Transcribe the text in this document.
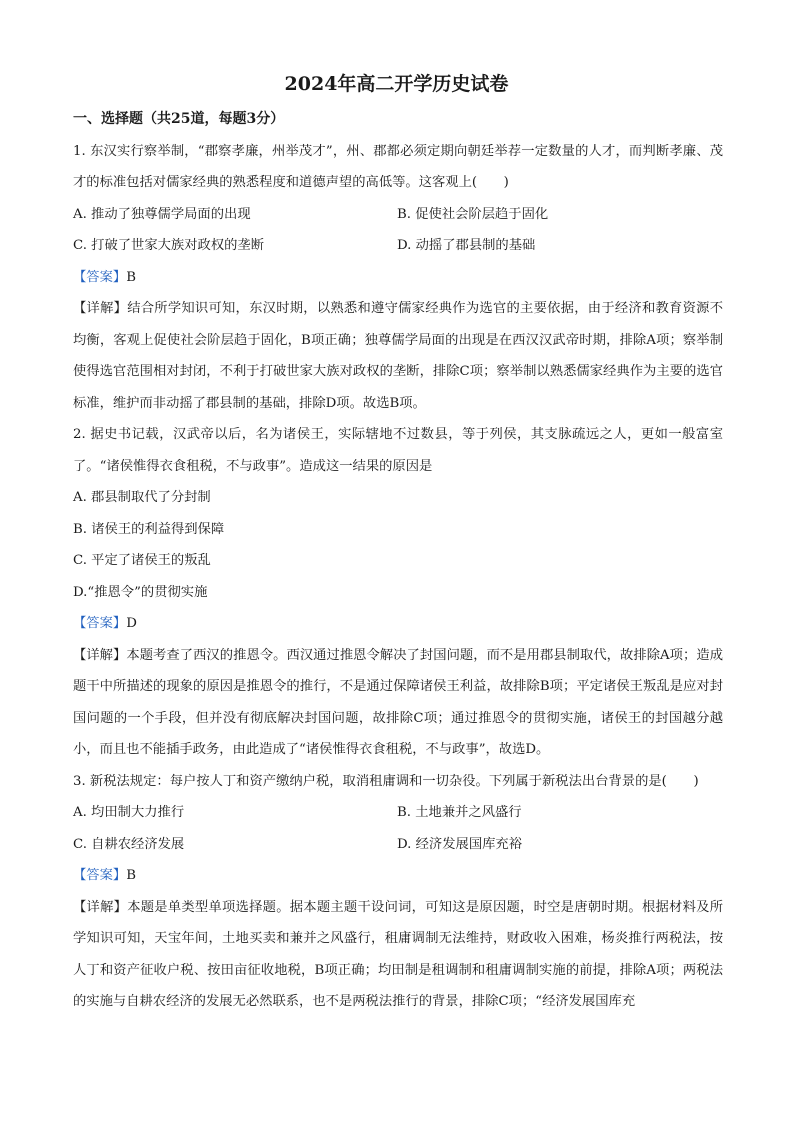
2024年高二开学历史试卷
一、选择题（共25道，每题3分）

1. 东汉实行察举制，“郡察孝廉，州举茂才”，州、郡都必须定期向朝廷举荐一定数量的人才，而判断孝廉、茂才的标准包括对儒家经典的熟悉程度和道德声望的高低等。这客观上(　　)

A. 推动了独尊儒学局面的出现	B. 促使社会阶层趋于固化
C. 打破了世家大族对政权的垄断	D. 动摇了郡县制的基础
【答案】B

【详解】结合所学知识可知，东汉时期，以熟悉和遵守儒家经典作为选官的主要依据，由于经济和教育资源不均衡，客观上促使社会阶层趋于固化，B项正确；独尊儒学局面的出现是在西汉汉武帝时期，排除A项；察举制使得选官范围相对封闭，不利于打破世家大族对政权的垄断，排除C项；察举制以熟悉儒家经典作为主要的选官标准，维护而非动摇了郡县制的基础，排除D项。故选B项。

2. 据史书记载，汉武帝以后，名为诸侯王，实际辖地不过数县，等于列侯，其支脉疏远之人，更如一般富室了。“诸侯惟得衣食租税，不与政事”。造成这一结果的原因是

A. 郡县制取代了分封制
B. 诸侯王的利益得到保障
C. 平定了诸侯王的叛乱
D.“推恩令”的贯彻实施
【答案】D

【详解】本题考查了西汉的推恩令。西汉通过推恩令解决了封国问题，而不是用郡县制取代，故排除A项；造成题干中所描述的现象的原因是推恩令的推行，不是通过保障诸侯王利益，故排除B项；平定诸侯王叛乱是应对封国问题的一个手段，但并没有彻底解决封国问题，故排除C项；通过推恩令的贯彻实施，诸侯王的封国越分越小，而且也不能插手政务，由此造成了“诸侯惟得衣食租税，不与政事”，故选D。

3. 新税法规定：每户按人丁和资产缴纳户税，取消租庸调和一切杂役。下列属于新税法出台背景的是(　　)

A. 均田制大力推行	B. 土地兼并之风盛行
C. 自耕农经济发展	D. 经济发展国库充裕
【答案】B

【详解】本题是单类型单项选择题。据本题主题干设问词，可知这是原因题，时空是唐朝时期。根据材料及所学知识可知，天宝年间，土地买卖和兼并之风盛行，租庸调制无法维持，财政收入困难，杨炎推行两税法，按人丁和资产征收户税、按田亩征收地税，B项正确；均田制是租调制和租庸调制实施的前提，排除A项；两税法的实施与自耕农经济的发展无必然联系，也不是两税法推行的背景，排除C项；“经济发展国库充
